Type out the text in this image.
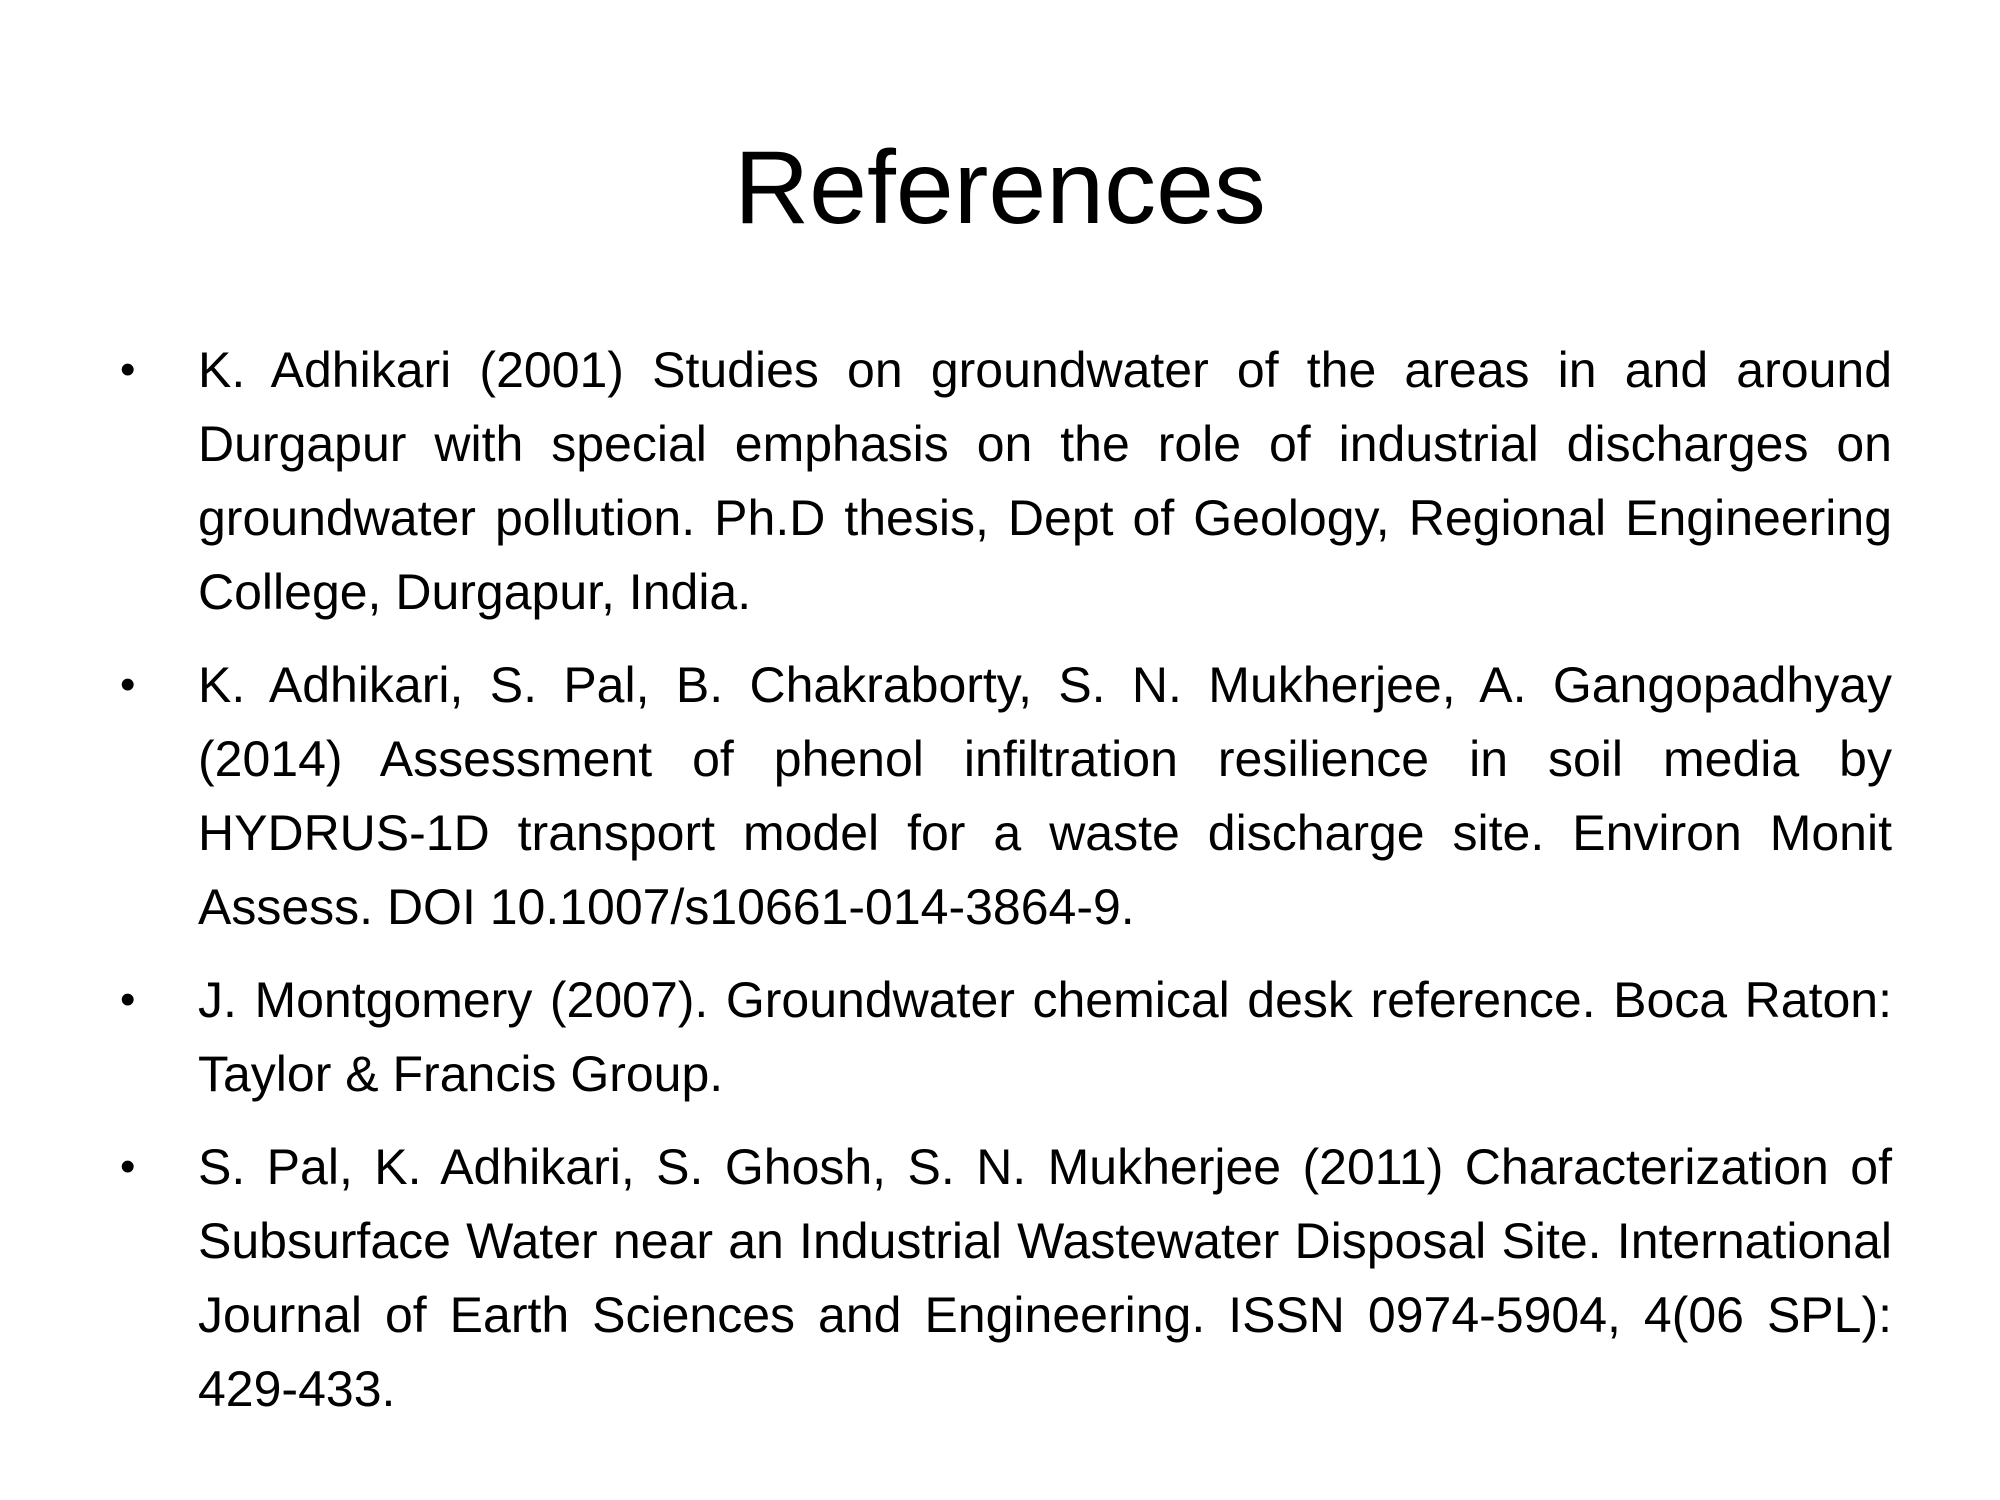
References
•	K. Adhikari (2001) Studies on groundwater of the areas in and around Durgapur with special emphasis on the role of industrial discharges on groundwater pollution. Ph.D thesis, Dept of Geology, Regional Engineering College, Durgapur, India.
•	K. Adhikari, S. Pal, B. Chakraborty, S. N. Mukherjee, A. Gangopadhyay (2014) Assessment of phenol infiltration resilience in soil media by HYDRUS-1D transport model for a waste discharge site. Environ Monit Assess. DOI 10.1007/s10661-014-3864-9.
•	J. Montgomery (2007). Groundwater chemical desk reference. Boca Raton: Taylor & Francis Group.
•	S. Pal, K. Adhikari, S. Ghosh, S. N. Mukherjee (2011) Characterization of Subsurface Water near an Industrial Wastewater Disposal Site. International Journal of Earth Sciences and Engineering. ISSN 0974-5904, 4(06 SPL): 429-433.
